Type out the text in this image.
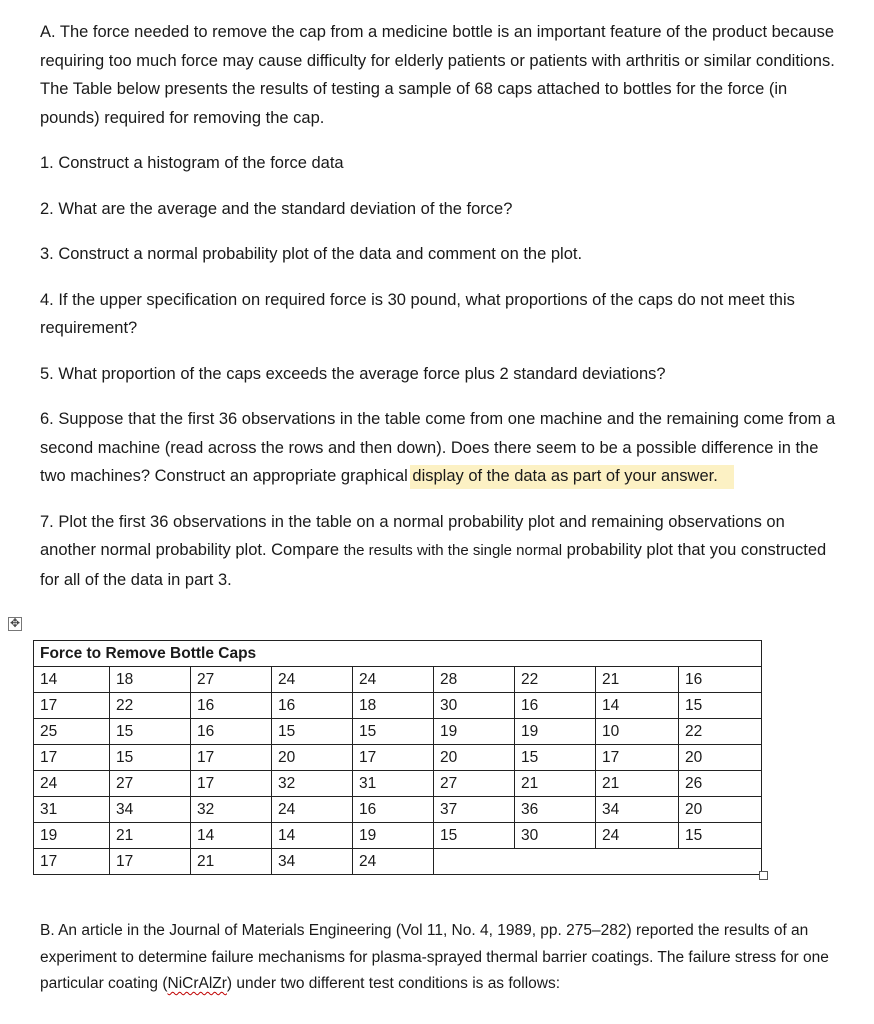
A. The force needed to remove the cap from a medicine bottle is an important feature of the product because requiring too much force may cause difficulty for elderly patients or patients with arthritis or similar conditions. The Table below presents the results of testing a sample of 68 caps attached to bottles for the force (in pounds) required for removing the cap.

1. Construct a histogram of the force data

2. What are the average and the standard deviation of the force?

3. Construct a normal probability plot of the data and comment on the plot.

4. If the upper specification on required force is 30 pound, what proportions of the caps do not meet this requirement?

5. What proportion of the caps exceeds the average force plus 2 standard deviations?

6. Suppose that the first 36 observations in the table come from one machine and the remaining come from a second machine (read across the rows and then down). Does there seem to be a possible difference in the two machines? Construct an appropriate graphical display of the data as part of your answer.

7. Plot the first 36 observations in the table on a normal probability plot and remaining observations on another normal probability plot. Compare the results with the single normal probability plot that you constructed for all of the data in part 3.

✥
Force to Remove Bottle Caps								
14	18	27	24	24	28	22	21	16
17	22	16	16	18	30	16	14	15
25	15	16	15	15	19	19	10	22
17	15	17	20	17	20	15	17	20
24	27	17	32	31	27	21	21	26
31	34	32	24	16	37	36	34	20
19	21	14	14	19	15	30	24	15
17	17	21	34	24				
B. An article in the Journal of Materials Engineering (Vol 11, No. 4, 1989, pp. 275–282) reported the results of an experiment to determine failure mechanisms for plasma-sprayed thermal barrier coatings. The failure stress for one particular coating (NiCrAlZr) under two different test conditions is as follows:
